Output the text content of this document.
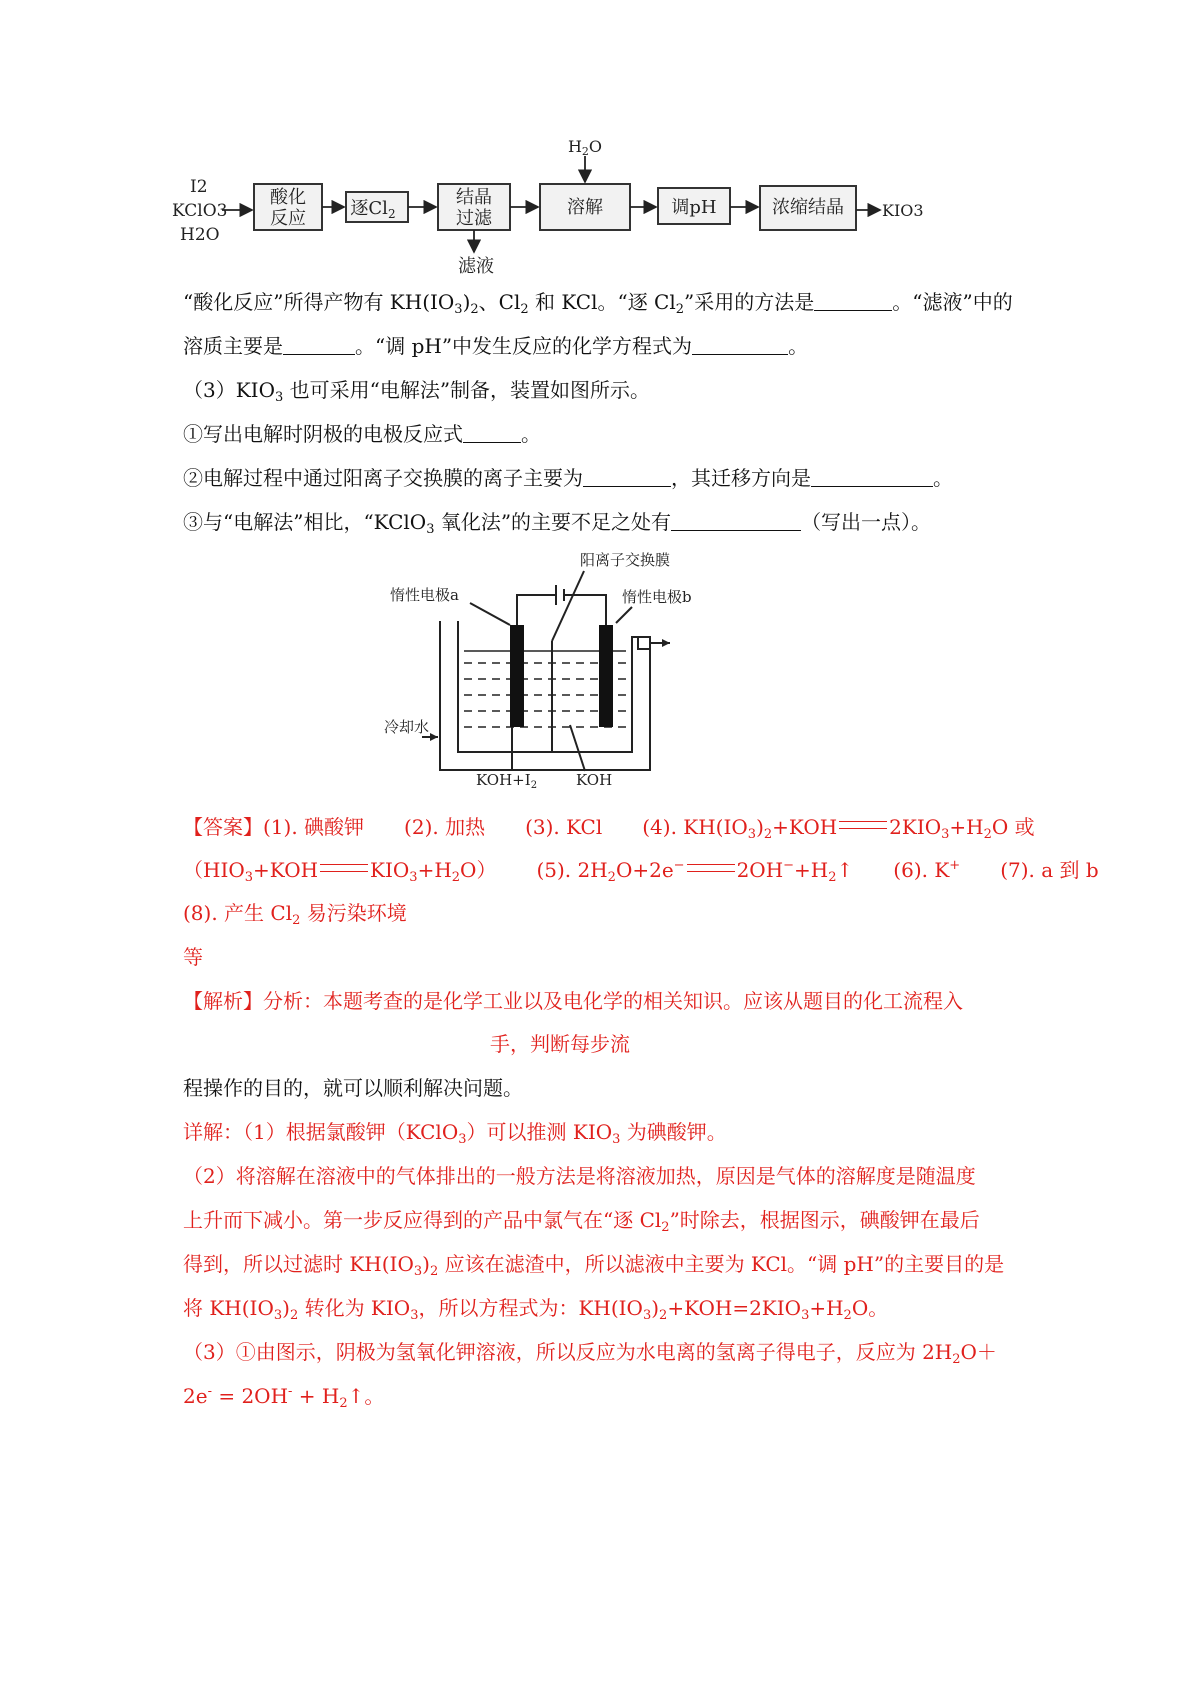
I2
KClO3
H2O
酸化
反应 逐$Cl_2$
结晶
过滤
溶解	调pH	浓缩结晶
H2O
滤液
KIO3
“酸化反应”所得产物有 $KH(IO_3)_2$、$Cl_2$ 和 KCl。“逐 $Cl_2$”采用的方法是	。“滤液”中的
溶质主要是	。“调 pH”中发生反应的化学方程式为	。
$(3)KIO_3$ 也可采用“电解法”制备，装置如图所示。
①写出电解时阴极的电极反应式	。
②电解过程中通过阳离子交换膜的离子主要为	，其迁移方向是	。
③与“电解法”相比，“KClO$_3$ 氧化法”的主要不足之处有	（写出一点）。
阳离子交换膜
惰性电极a	惰性电极b
冷却水
$KOH+I_2$	KOH
【答案】(1). 碘酸钾 (2). 加热 (3). KCl (4). $KH(IO_3)_2+KOH$	$2KIO_3+H_2O$ 或
（$HIO_3+KOH$	$KIO_3+H_2O$） (5). $2H_2O+2e^-$	$2OH^-+H_2↑$ (6). K+ (7). a 到 b
(8). 产生 $Cl_2$ 易污染环境
等
【解析】分析：本题考查的是化学工业以及电化学的相关知识。应该从题目的化工流程入
手，判断每步流
程操作的目的，就可以顺利解决问题。
详解：（1）根据氯酸钾（KClO$_3$）可以推测 $KIO_3$ 为碘酸钾。
（2）将溶解在溶液中的气体排出的一般方法是将溶液加热，原因是气体的溶解度是随温度
上升而下减小。第一步反应得到的产品中氯气在“逐 $Cl_2$”时除去，根据图示，碘酸钾在最后
得到，所以过滤时 $KH(IO_3)_2$ 应该在滤渣中，所以滤液中主要为 KCl。“调 pH”的主要目的是
将 $KH(IO_3)_2$ 转化为 $KIO_3$，所以方程式为：$KH(IO_3)_2+KOH=2KIO_3+H_2O$。
（3）①由图示，阴极为氢氧化钾溶液，所以反应为水电离的氢离子得电子，反应为 $2H_2O+$
$2e^- = 2OH^- + H_2↑$。
